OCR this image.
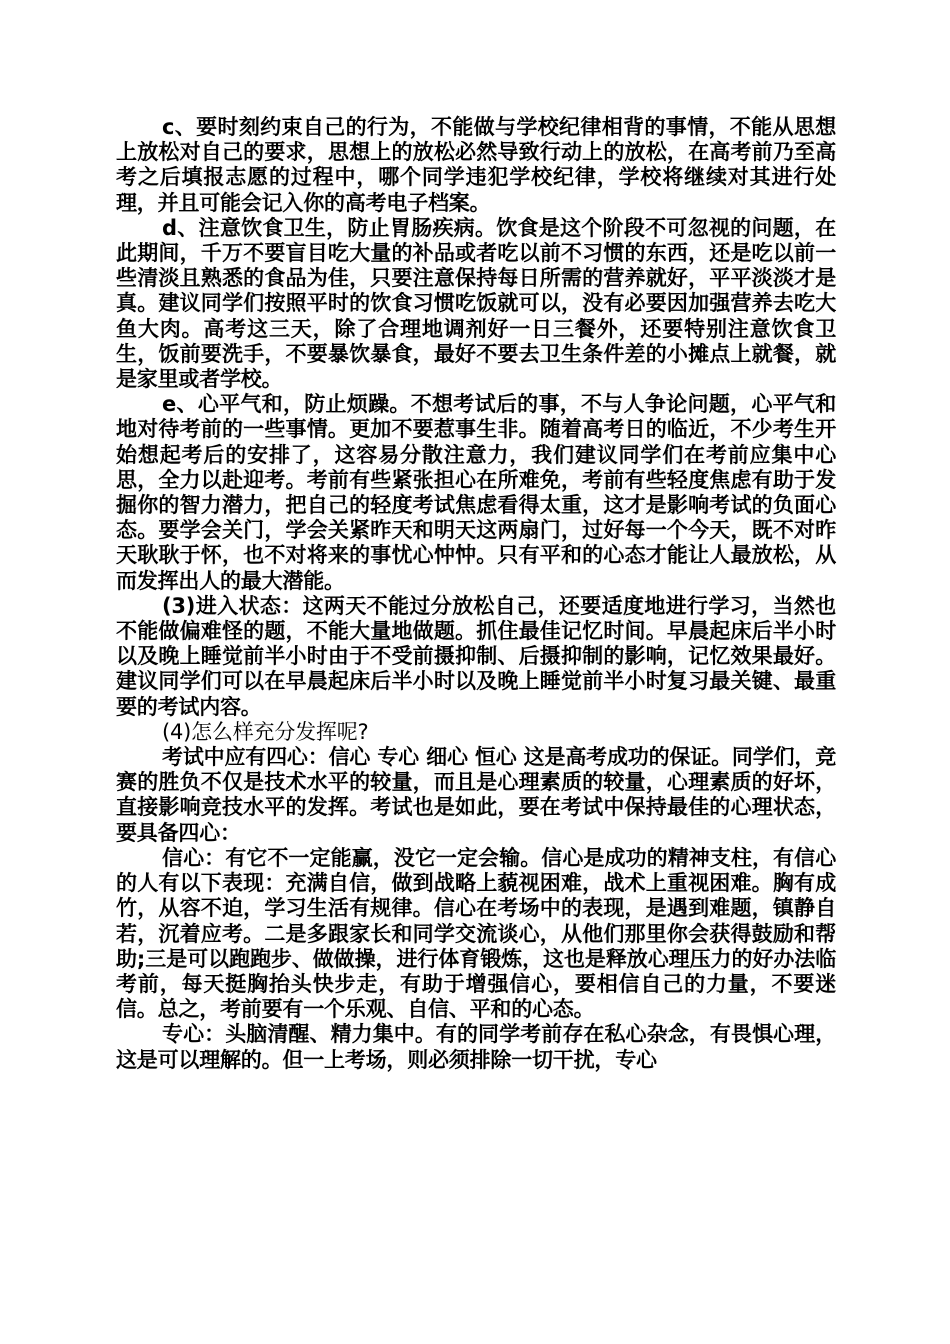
c、要时刻约束自己的行为，不能做与学校纪律相背的事情，不能从思想上放松对自己的要求，思想上的放松必然导致行动上的放松，在高考前乃至高考之后填报志愿的过程中，哪个同学违犯学校纪律，学校将继续对其进行处理，并且可能会记入你的高考电子档案。

d、注意饮食卫生，防止胃肠疾病。饮食是这个阶段不可忽视的问题，在此期间，千万不要盲目吃大量的补品或者吃以前不习惯的东西，还是吃以前一些清淡且熟悉的食品为佳，只要注意保持每日所需的营养就好，平平淡淡才是真。建议同学们按照平时的饮食习惯吃饭就可以，没有必要因加强营养去吃大鱼大肉。高考这三天，除了合理地调剂好一日三餐外，还要特别注意饮食卫生，饭前要洗手，不要暴饮暴食，最好不要去卫生条件差的小摊点上就餐，就是家里或者学校。

e、心平气和，防止烦躁。不想考试后的事，不与人争论问题，心平气和地对待考前的一些事情。更加不要惹事生非。随着高考日的临近，不少考生开始想起考后的安排了，这容易分散注意力，我们建议同学们在考前应集中心思，全力以赴迎考。考前有些紧张担心在所难免，考前有些轻度焦虑有助于发掘你的智力潜力，把自己的轻度考试焦虑看得太重，这才是影响考试的负面心态。要学会关门，学会关紧昨天和明天这两扇门，过好每一个今天，既不对昨天耿耿于怀，也不对将来的事忧心忡忡。只有平和的心态才能让人最放松，从而发挥出人的最大潜能。

(3)进入状态：这两天不能过分放松自己，还要适度地进行学习，当然也不能做偏难怪的题，不能大量地做题。抓住最佳记忆时间。早晨起床后半小时以及晚上睡觉前半小时由于不受前摄抑制、后摄抑制的影响，记忆效果最好。建议同学们可以在早晨起床后半小时以及晚上睡觉前半小时复习最关键、最重要的考试内容。

(4)怎么样充分发挥呢?

考试中应有四心：信心 专心 细心 恒心 这是高考成功的保证。同学们，竞赛的胜负不仅是技术水平的较量，而且是心理素质的较量，心理素质的好坏，直接影响竞技水平的发挥。考试也是如此，要在考试中保持最佳的心理状态，要具备四心：

信心：有它不一定能赢，没它一定会输。信心是成功的精神支柱，有信心的人有以下表现：充满自信，做到战略上藐视困难，战术上重视困难。胸有成竹，从容不迫，学习生活有规律。信心在考场中的表现，是遇到难题，镇静自若，沉着应考。二是多跟家长和同学交流谈心，从他们那里你会获得鼓励和帮助;三是可以跑跑步、做做操，进行体育锻炼，这也是释放心理压力的好办法临考前，每天挺胸抬头快步走，有助于增强信心，要相信自己的力量，不要迷信。总之，考前要有一个乐观、自信、平和的心态。

专心：头脑清醒、精力集中。有的同学考前存在私心杂念，有畏惧心理，这是可以理解的。但一上考场，则必须排除一切干扰，专心
